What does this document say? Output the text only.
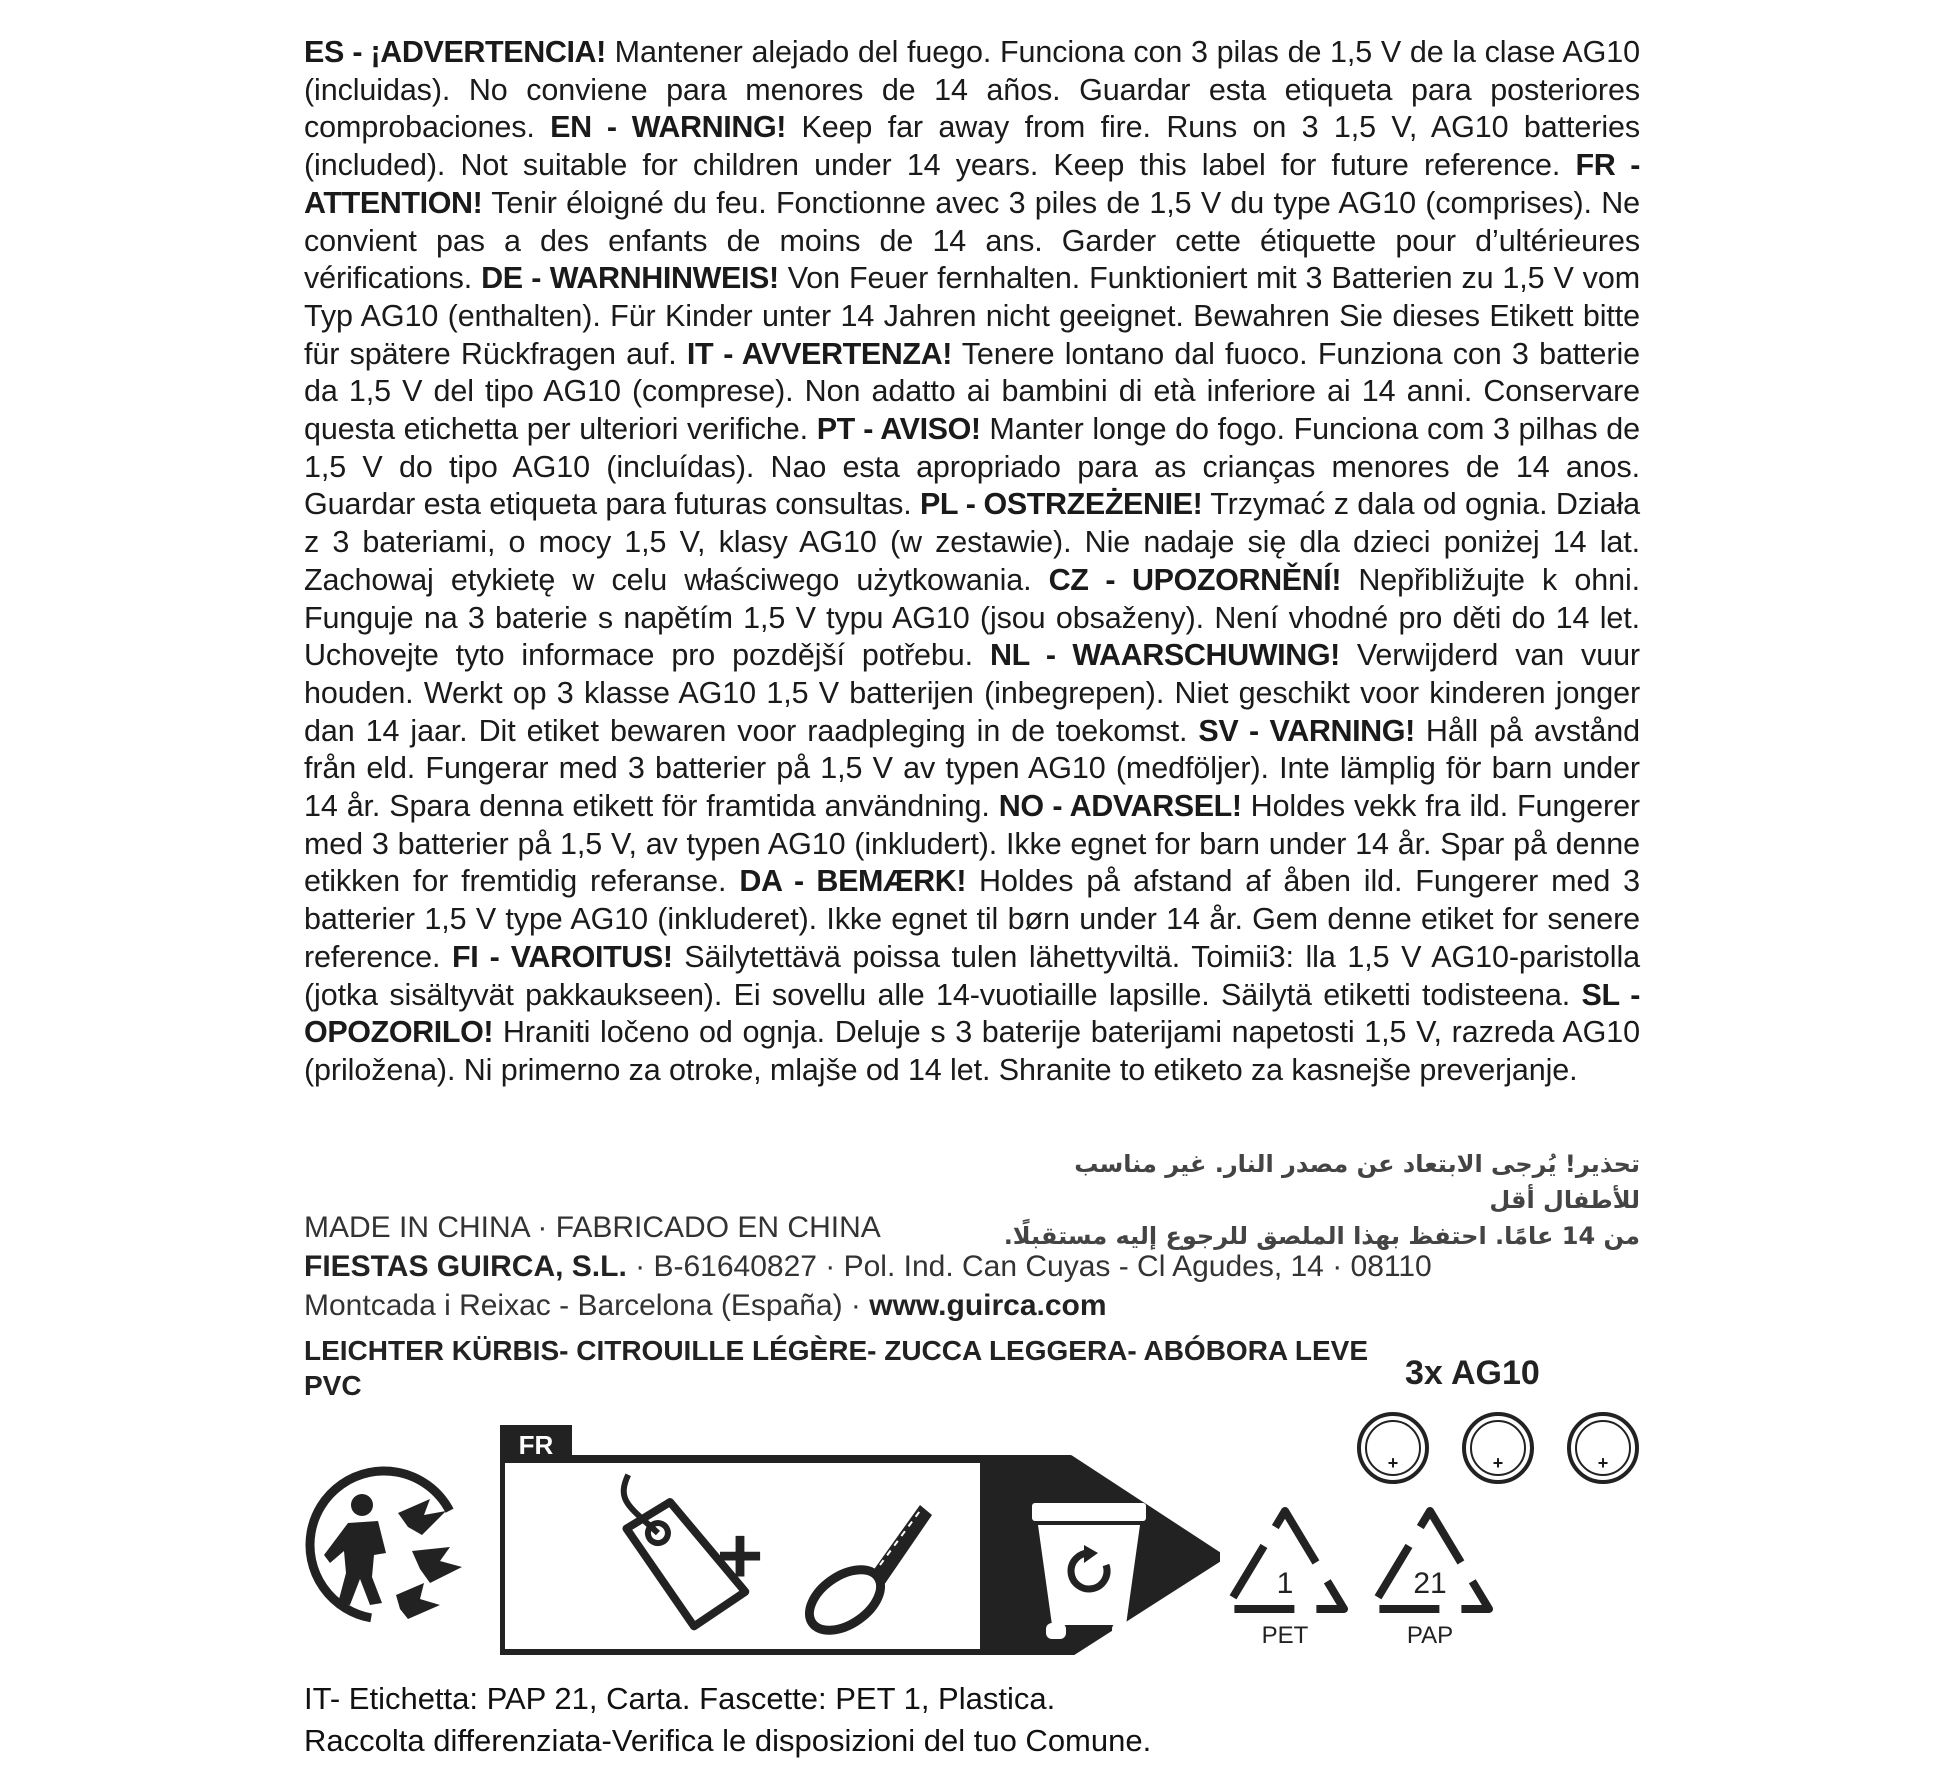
ES - ¡ADVERTENCIA! Mantener alejado del fuego. Funciona con 3 pilas de 1,5 V de la clase AG10 (incluidas). No conviene para menores de 14 años. Guardar esta etiqueta para posteriores comprobaciones. EN - WARNING! Keep far away from fire. Runs on 3 1,5 V, AG10 batteries (included). Not suitable for children under 14 years. Keep this label for future reference. FR - ATTENTION! Tenir éloigné du feu. Fonctionne avec 3 piles de 1,5 V du type AG10 (comprises). Ne convient pas a des enfants de moins de 14 ans. Garder cette étiquette pour d’ultérieures vérifications. DE - WARNHINWEIS! Von Feuer fernhalten. Funktioniert mit 3 Batterien zu 1,5 V vom Typ AG10 (enthalten). Für Kinder unter 14 Jahren nicht geeignet. Bewahren Sie dieses Etikett bitte für spätere Rückfragen auf. IT - AVVERTENZA! Tenere lontano dal fuoco. Funziona con 3 batterie da 1,5 V del tipo AG10 (comprese). Non adatto ai bambini di età inferiore ai 14 anni. Conservare questa etichetta per ulteriori verifiche. PT - AVISO! Manter longe do fogo. Funciona com 3 pilhas de 1,5 V do tipo AG10 (incluídas). Nao esta apropriado para as crianças menores de 14 anos. Guardar esta etiqueta para futuras consultas. PL - OSTRZEŻENIE! Trzymać z dala od ognia. Działa z 3 bateriami, o mocy 1,5 V, klasy AG10 (w zestawie). Nie nadaje się dla dzieci poniżej 14 lat. Zachowaj etykietę w celu właściwego użytkowania. CZ - UPOZORNĚNÍ! Nepřibližujte k ohni. Funguje na 3 baterie s napětím 1,5 V typu AG10 (jsou obsaženy). Není vhodné pro děti do 14 let. Uchovejte tyto informace pro pozdější potřebu. NL - WAARSCHUWING! Verwijderd van vuur houden. Werkt op 3 klasse AG10 1,5 V batterijen (inbegrepen). Niet geschikt voor kinderen jonger dan 14 jaar. Dit etiket bewaren voor raadpleging in de toekomst. SV - VARNING! Håll på avstånd från eld. Fungerar med 3 batterier på 1,5 V av typen AG10 (medföljer). Inte lämplig för barn under 14 år. Spara denna etikett för framtida användning. NO - ADVARSEL! Holdes vekk fra ild. Fungerer med 3 batterier på 1,5 V, av typen AG10 (inkludert). Ikke egnet for barn under 14 år. Spar på denne etikken for fremtidig referanse. DA - BEMÆRK! Holdes på afstand af åben ild. Fungerer med 3 batterier 1,5 V type AG10 (inkluderet). Ikke egnet til børn under 14 år. Gem denne etiket for senere reference. FI - VAROITUS! Säilytettävä poissa tulen lähettyviltä. Toimii3: lla 1,5 V AG10-paristolla (jotka sisältyvät pakkaukseen). Ei sovellu alle 14-vuotiaille lapsille. Säilytä etiketti todisteena. SL - OPOZORILO! Hraniti ločeno od ognja. Deluje s 3 baterije baterijami napetosti 1,5 V, razreda AG10 (priložena). Ni primerno za otroke, mlajše od 14 let. Shranite to etiketo za kasnejše preverjanje.
تحذير! يُرجى الابتعاد عن مصدر النار. غير مناسب للأطفال أقل
من 14 عامًا. احتفظ بهذا الملصق للرجوع إليه مستقبلًا.
MADE IN CHINA · FABRICADO EN CHINA
FIESTAS GUIRCA, S.L. · B-61640827 · Pol. Ind. Can Cuyas - Cl Agudes, 14 · 08110
Montcada i Reixac - Barcelona (España) · www.guirca.com
LEICHTER KÜRBIS- CITROUILLE LÉGÈRE- ZUCCA LEGGERA- ABÓBORA LEVE
PVC	3x AG10
+	+	+
FR
+	1
PET
21
PAP
IT- Etichetta: PAP 21, Carta. Fascette: PET 1, Plastica.
Raccolta differenziata-Verifica le disposizioni del tuo Comune.
